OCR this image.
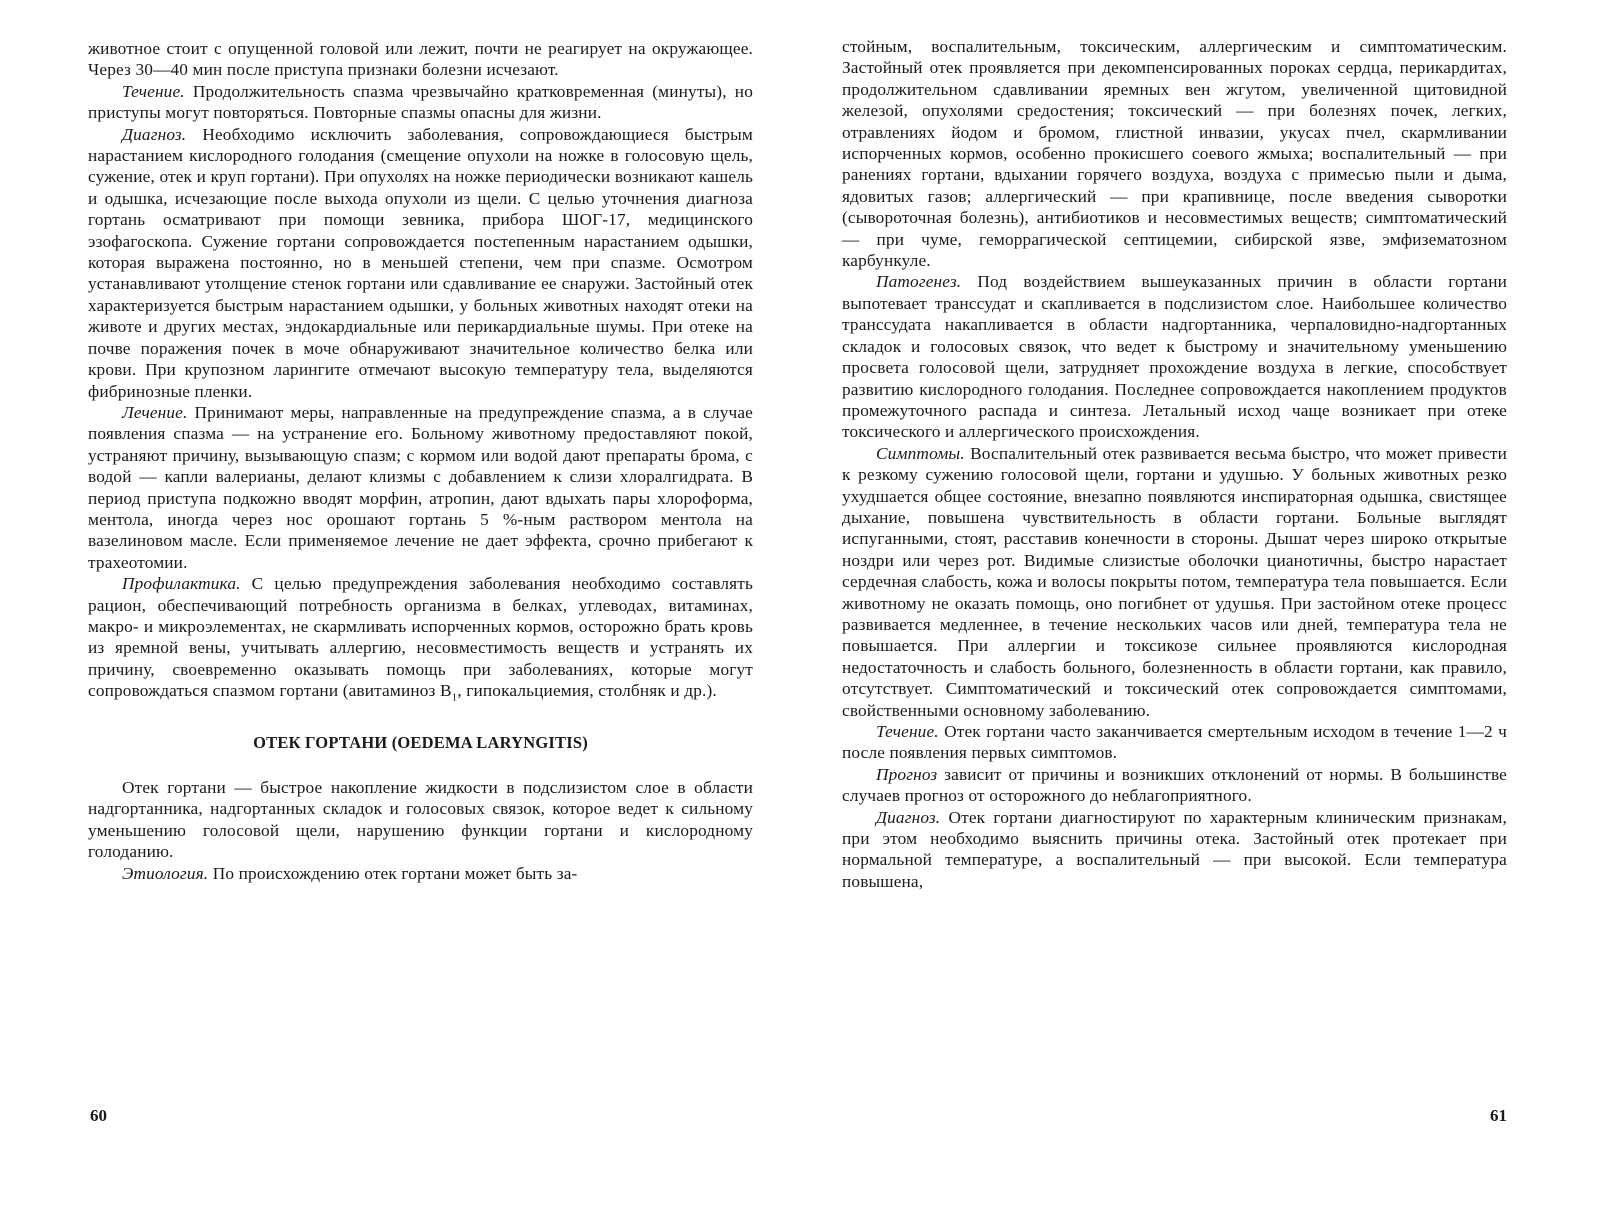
животное стоит с опущенной головой или лежит, почти не реагирует на окружающее. Через 30—40 мин после приступа признаки болезни исчезают.

Течение. Продолжительность спазма чрезвычайно кратковременная (минуты), но приступы могут повторяться. Повторные спазмы опасны для жизни.

Диагноз. Необходимо исключить заболевания, сопровождающиеся быстрым нарастанием кислородного голодания (смещение опухоли на ножке в голосовую щель, сужение, отек и круп гортани). При опухолях на ножке периодически возникают кашель и одышка, исчезающие после выхода опухоли из щели. С целью уточнения диагноза гортань осматривают при помощи зевника, прибора ШОГ-17, медицинского эзофагоскопа. Сужение гортани сопровождается постепенным нарастанием одышки, которая выражена постоянно, но в меньшей степени, чем при спазме. Осмотром устанавливают утолщение стенок гортани или сдавливание ее снаружи. Застойный отек характеризуется быстрым нарастанием одышки, у больных животных находят отеки на животе и других местах, эндокардиальные или перикардиальные шумы. При отеке на почве поражения почек в моче обнаруживают значительное количество белка или крови. При крупозном ларингите отмечают высокую температуру тела, выделяются фибринозные пленки.

Лечение. Принимают меры, направленные на предупреждение спазма, а в случае появления спазма — на устранение его. Больному животному предоставляют покой, устраняют причину, вызывающую спазм; с кормом или водой дают препараты брома, с водой — капли валерианы, делают клизмы с добавлением к слизи хлоралгидрата. В период приступа подкожно вводят морфин, атропин, дают вдыхать пары хлороформа, ментола, иногда через нос орошают гортань 5 %-ным раствором ментола на вазелиновом масле. Если применяемое лечение не дает эффекта, срочно прибегают к трахеотомии.

Профилактика. С целью предупреждения заболевания необходимо составлять рацион, обеспечивающий потребность организма в белках, углеводах, витаминах, макро- и микроэлементах, не скармливать испорченных кормов, осторожно брать кровь из яремной вены, учитывать аллергию, несовместимость веществ и устранять их причину, своевременно оказывать помощь при заболеваниях, которые могут сопровождаться спазмом гортани (авитаминоз $B_1$, гипокальциемия, столбняк и др.).

ОТЕК ГОРТАНИ (OEDEMA LARYNGITIS)

Отек гортани — быстрое накопление жидкости в подслизистом слое в области надгортанника, надгортанных складок и голосовых связок, которое ведет к сильному уменьшению голосовой щели, нарушению функции гортани и кислородному голоданию.

Этиология. По происхождению отек гортани может быть за-

60

стойным, воспалительным, токсическим, аллергическим и симптоматическим. Застойный отек проявляется при декомпенсированных пороках сердца, перикардитах, продолжительном сдавливании яремных вен жгутом, увеличенной щитовидной железой, опухолями средостения; токсический — при болезнях почек, легких, отравлениях йодом и бромом, глистной инвазии, укусах пчел, скармливании испорченных кормов, особенно прокисшего соевого жмыха; воспалительный — при ранениях гортани, вдыхании горячего воздуха, воздуха с примесью пыли и дыма, ядовитых газов; аллергический — при крапивнице, после введения сыворотки (сывороточная болезнь), антибиотиков и несовместимых веществ; симптоматический — при чуме, геморрагической септицемии, сибирской язве, эмфизематозном карбункуле.

Патогенез. Под воздействием вышеуказанных причин в области гортани выпотевает транссудат и скапливается в подслизистом слое. Наибольшее количество транссудата накапливается в области надгортанника, черпаловидно-надгортанных складок и голосовых связок, что ведет к быстрому и значительному уменьшению просвета голосовой щели, затрудняет прохождение воздуха в легкие, способствует развитию кислородного голодания. Последнее сопровождается накоплением продуктов промежуточного распада и синтеза. Летальный исход чаще возникает при отеке токсического и аллергического происхождения.

Симптомы. Воспалительный отек развивается весьма быстро, что может привести к резкому сужению голосовой щели, гортани и удушью. У больных животных резко ухудшается общее состояние, внезапно появляются инспираторная одышка, свистящее дыхание, повышена чувствительность в области гортани. Больные выглядят испуганными, стоят, расставив конечности в стороны. Дышат через широко открытые ноздри или через рот. Видимые слизистые оболочки цианотичны, быстро нарастает сердечная слабость, кожа и волосы покрыты потом, температура тела повышается. Если животному не оказать помощь, оно погибнет от удушья. При застойном отеке процесс развивается медленнее, в течение нескольких часов или дней, температура тела не повышается. При аллергии и токсикозе сильнее проявляются кислородная недостаточность и слабость больного, болезненность в области гортани, как правило, отсутствует. Симптоматический и токсический отек сопровождается симптомами, свойственными основному заболеванию.

Течение. Отек гортани часто заканчивается смертельным исходом в течение 1—2 ч после появления первых симптомов.

Прогноз зависит от причины и возникших отклонений от нормы. В большинстве случаев прогноз от осторожного до неблагоприятного.

Диагноз. Отек гортани диагностируют по характерным клиническим признакам, при этом необходимо выяснить причины отека. Застойный отек протекает при нормальной температуре, а воспалительный — при высокой. Если температура повышена,

61
